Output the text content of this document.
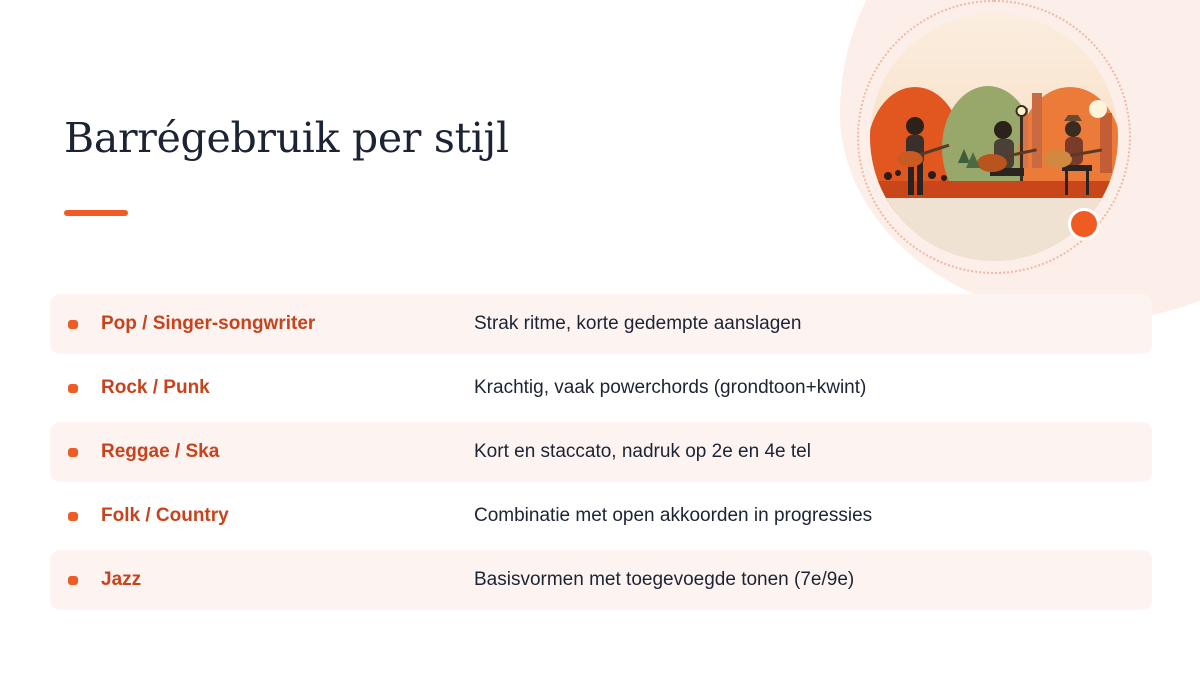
Barrégebruik per stijl
Pop / Singer-songwriter	Strak ritme, korte gedempte aanslagen
Rock / Punk	Krachtig, vaak powerchords (grondtoon+kwint)
Reggae / Ska	Kort en staccato, nadruk op 2e en 4e tel
Folk / Country	Combinatie met open akkoorden in progressies
Jazz	Basisvormen met toegevoegde tonen (7e/9e)
